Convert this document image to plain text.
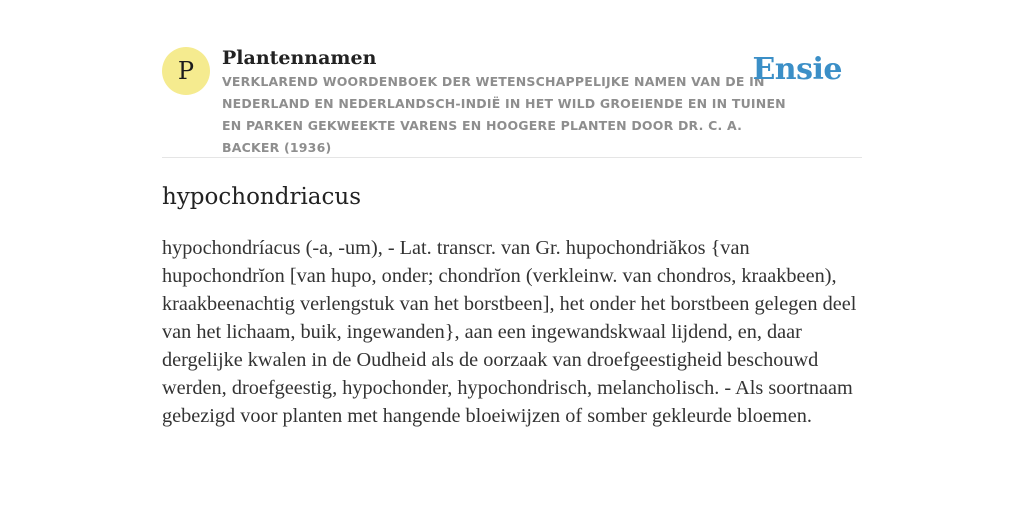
P	Plantennamen

VERKLAREND WOORDENBOEK DER WETENSCHAPPELIJKE NAMEN VAN DE IN NEDERLAND EN NEDERLANDSCH-INDIË IN HET WILD GROEIENDE EN IN TUINEN EN PARKEN GEKWEEKTE VARENS EN HOOGERE PLANTEN DOOR DR. C. A. BACKER (1936)

Ensie
hypochondriacus

hypochondríacus (-a, -um), - Lat. transcr. van Gr. hupochondriăkos {van hupochondrĭon [van hupo, onder; chondrĭon (verkleinw. van chondros, kraakbeen), kraakbeenachtig verlengstuk van het borstbeen], het onder het borstbeen gelegen deel van het lichaam, buik, ingewanden}, aan een ingewandskwaal lijdend, en, daar dergelijke kwalen in de Oudheid als de oorzaak van droefgeestigheid beschouwd werden, droefgeestig, hypochonder, hypochondrisch, melancholisch. - Als soortnaam gebezigd voor planten met hangende bloeiwijzen of somber gekleurde bloemen.
